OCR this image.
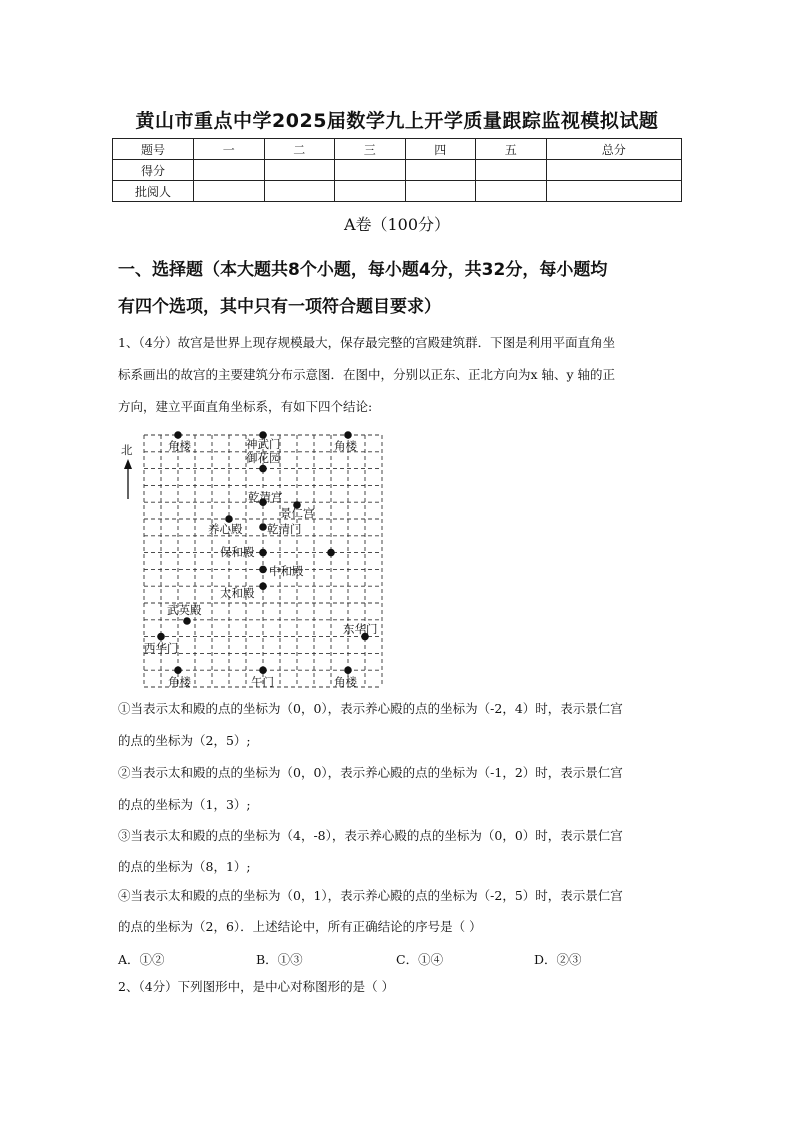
黄山市重点中学2025届数学九上开学质量跟踪监视模拟试题
题号	一	二	三	四	五	总分
得分						
批阅人						
A卷（100分）
一、选择题（本大题共8个小题，每小题4分，共32分，每小题均
有四个选项，其中只有一项符合题目要求）
1、（4分）故宫是世界上现存规模最大，保存最完整的宫殿建筑群．下图是利用平面直角坐
标系画出的故宫的主要建筑分布示意图．在图中，分别以正东、正北方向为x 轴、y 轴的正
方向，建立平面直角坐标系，有如下四个结论:
北	角楼	神武门	角楼
御花园
乾清宫
景仁宫
养心殿 乾清门
保和殿
中和殿
太和殿
武英殿
东华门
西华门
角楼	午门	角楼
①当表示太和殿的点的坐标为（0，0），表示养心殿的点的坐标为（-2，4）时，表示景仁宫
的点的坐标为（2，5）;
②当表示太和殿的点的坐标为（0，0），表示养心殿的点的坐标为（-1，2）时，表示景仁宫
的点的坐标为（1，3）;
③当表示太和殿的点的坐标为（4，-8），表示养心殿的点的坐标为（0，0）时，表示景仁宫
的点的坐标为（8，1）;
④当表示太和殿的点的坐标为（0，1），表示养心殿的点的坐标为（-2，5）时，表示景仁宫
的点的坐标为（2，6）．上述结论中，所有正确结论的序号是（ ）
A．①②	B．①③	C．①④	D．②③
2、（4分）下列图形中，是中心对称图形的是（ ）
